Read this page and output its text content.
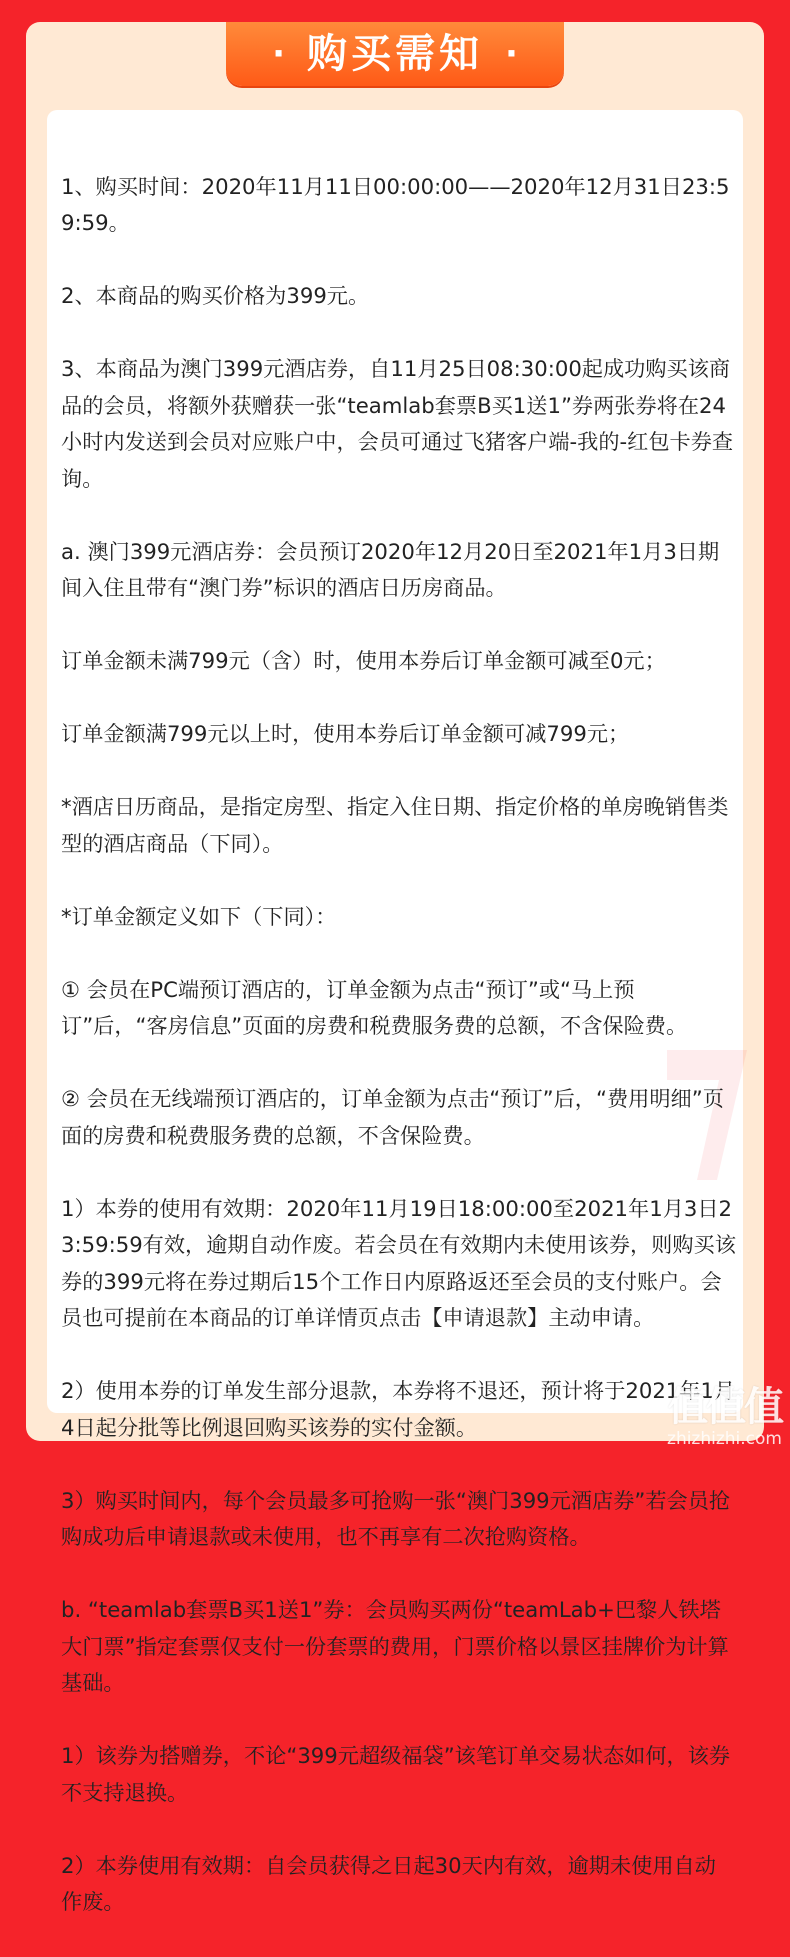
· 购买需知 ·

1、购买时间：2020年11月11日00:00:00——2020年12月31日23:59:59。

2、本商品的购买价格为399元。

3、本商品为澳门399元酒店券，自11月25日08:30:00起成功购买该商品的会员，将额外获赠获一张“teamlab套票B买1送1”券两张券将在24小时内发送到会员对应账户中，会员可通过飞猪客户端-我的-红包卡券查询。

a. 澳门399元酒店券：会员预订2020年12月20日至2021年1月3日期间入住且带有“澳门券”标识的酒店日历房商品。

订单金额未满799元（含）时，使用本券后订单金额可减至0元；

订单金额满799元以上时，使用本券后订单金额可减799元；

*酒店日历商品，是指定房型、指定入住日期、指定价格的单房晚销售类型的酒店商品（下同）。

*订单金额定义如下（下同）：

① 会员在PC端预订酒店的，订单金额为点击“预订”或“马上预订”后，“客房信息”页面的房费和税费服务费的总额，不含保险费。

② 会员在无线端预订酒店的，订单金额为点击“预订”后，“费用明细”页面的房费和税费服务费的总额，不含保险费。

1）本券的使用有效期：2020年11月19日18:00:00至2021年1月3日23:59:59有效，逾期自动作废。若会员在有效期内未使用该券，则购买该券的399元将在券过期后15个工作日内原路返还至会员的支付账户。会员也可提前在本商品的订单详情页点击【申请退款】主动申请。

2）使用本券的订单发生部分退款，本券将不退还，预计将于2021年1月4日起分批等比例退回购买该券的实付金额。

3）购买时间内，每个会员最多可抢购一张“澳门399元酒店券”若会员抢购成功后申请退款或未使用，也不再享有二次抢购资格。

b. “teamlab套票B买1送1”券：会员购买两份“teamLab+巴黎人铁塔大门票”指定套票仅支付一份套票的费用，门票价格以景区挂牌价为计算基础。

1）该券为搭赠券，不论“399元超级福袋”该笔订单交易状态如何，该券不支持退换。

2）本券使用有效期：自会员获得之日起30天内有效，逾期未使用自动作废。

值值值
zhizhizhi.com
